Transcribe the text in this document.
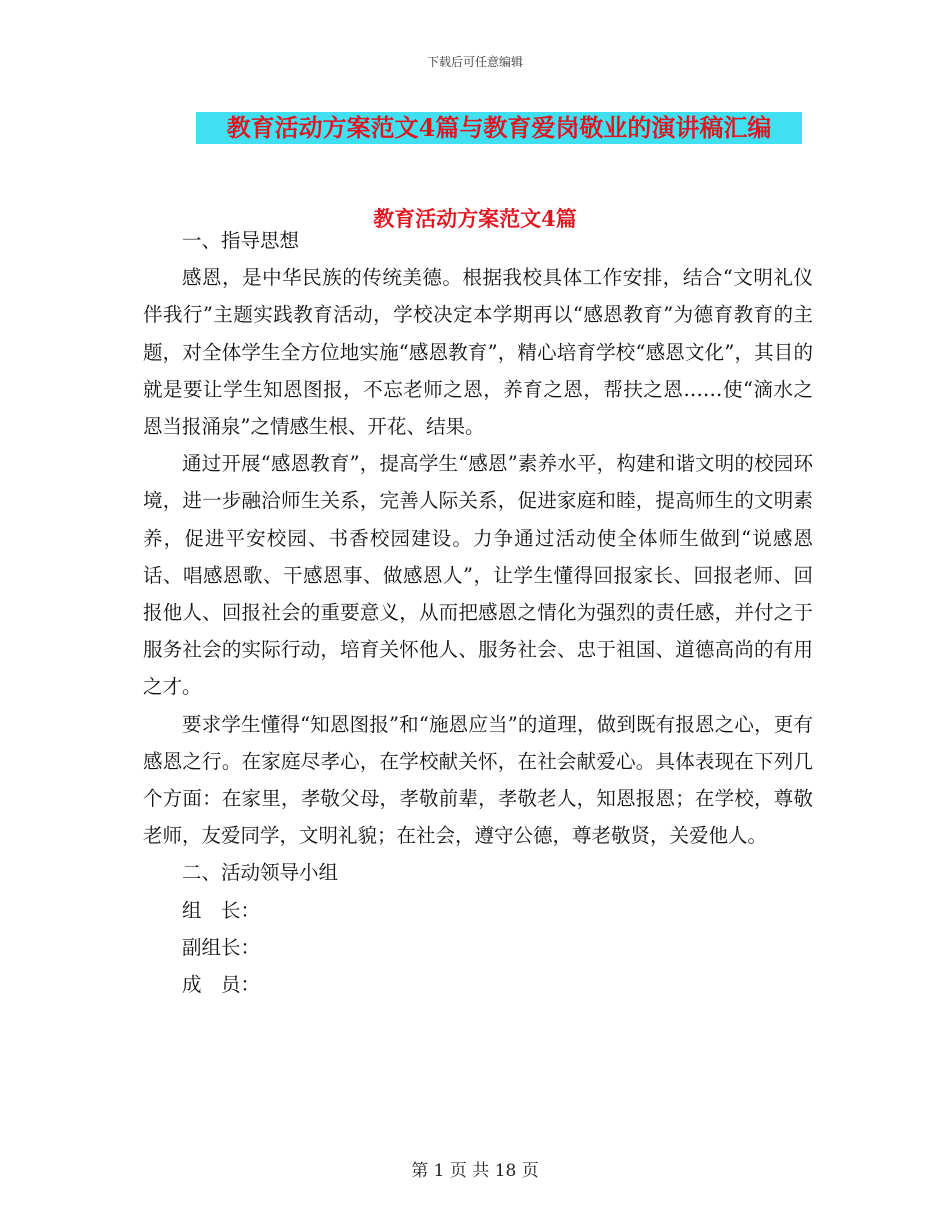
下载后可任意编辑
教育活动方案范文4篇与教育爱岗敬业的演讲稿汇编
教育活动方案范文4篇

一、指导思想

感恩，是中华民族的传统美德。根据我校具体工作安排，结合“文明礼仪伴我行”主题实践教育活动，学校决定本学期再以“感恩教育”为德育教育的主题，对全体学生全方位地实施“感恩教育”，精心培育学校“感恩文化”，其目的就是要让学生知恩图报，不忘老师之恩，养育之恩，帮扶之恩……使“滴水之恩当报涌泉”之情感生根、开花、结果。

通过开展“感恩教育”，提高学生“感恩”素养水平，构建和谐文明的校园环境，进一步融洽师生关系，完善人际关系，促进家庭和睦，提高师生的文明素养，促进平安校园、书香校园建设。力争通过活动使全体师生做到“说感恩话、唱感恩歌、干感恩事、做感恩人”，让学生懂得回报家长、回报老师、回报他人、回报社会的重要意义，从而把感恩之情化为强烈的责任感，并付之于服务社会的实际行动，培育关怀他人、服务社会、忠于祖国、道德高尚的有用之才。

要求学生懂得“知恩图报”和“施恩应当”的道理，做到既有报恩之心，更有感恩之行。在家庭尽孝心，在学校献关怀，在社会献爱心。具体表现在下列几个方面：在家里，孝敬父母，孝敬前辈，孝敬老人，知恩报恩；在学校，尊敬老师，友爱同学，文明礼貌；在社会，遵守公德，尊老敬贤，关爱他人。

二、活动领导小组

组　长：

副组长：

成　员：

第 1 页 共 18 页
